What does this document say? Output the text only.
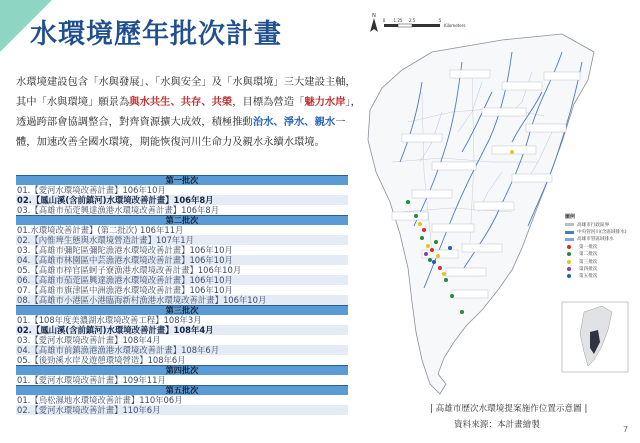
水環境歷年批次計畫
水環境建設包含「水與發展」、「水與安全」及「水與環境」三大建設主軸，其中「水與環境」願景為與水共生、共存、共榮，目標為營造「魅力水岸」，透過跨部會協調整合，對齊資源擴大成效，積極推動治水、淨水、親水一體，加速改善全國水環境，期能恢復河川生命力及親水永續水環境。
第一批次
01.【愛河水環境改善計畫】106年10月
02.【鳳山溪(含前鎮河)水環境改善計畫】106年8月
03.【高雄市茄萣興達漁港水環境改善計畫】106年8月
第二批次
01.水環境改善計畫】(第二批次) 106年11月
02.【內惟埤生態與水環境營造計畫】107年1月
03.【高雄市彌陀區彌陀漁港水環境改善計畫】106年10月
04.【高雄市林園區中芸漁港水環境改善計畫】106年10月
05.【高雄市梓官區蚵子寮漁港水環境改善計畫】106年10月
06.【高雄市茄萣區興達漁港水環境改善計畫】106年10月
07.【高雄市旗津區中洲漁港水環境改善計畫】106年10月
08.【高雄市小港區小港臨海新村漁港水環境改善計畫】106年10月
第三批次
01.【108年度美濃湖水環境改善工程】108年3月
02.【鳳山溪(含前鎮河)水環境改善計畫】108年4月
03.【愛河水環境改善計畫】108年4月
04.【高雄市前鎮漁港漁港水環境改善計畫】108年6月
05.【後勁溪水岸及遊憩環境營造】108年6月
第四批次
01.【愛河水環境改善計畫】109年11月
第五批次
01.【烏松濕地水環境改善計畫】110年06月
02.【愛河水環境改善計畫】110年6月
N
0 1.25 2.5	5
Kilometers
圖例
高雄市行政區界
中央管河川(含區域排水)
高雄市管區域排水
第一批次
第二批次
第三批次
第四批次
第五批次
| 高雄市歷次水環境提案施作位置示意圖 |
資料來源：本計畫繪製	7
